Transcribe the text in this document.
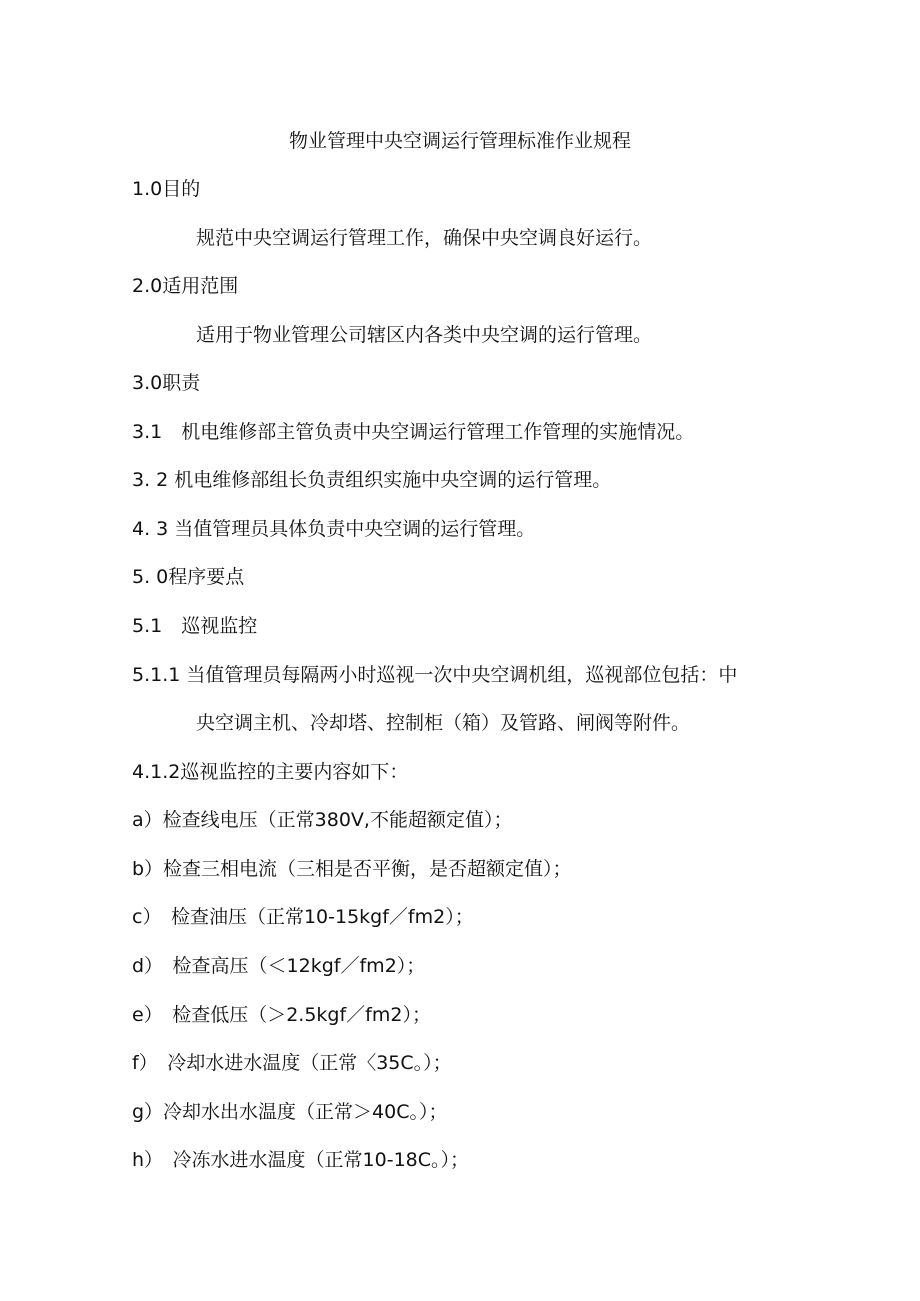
物业管理中央空调运行管理标准作业规程
1.0目的
规范中央空调运行管理工作，确保中央空调良好运行。
2.0适用范围
适用于物业管理公司辖区内各类中央空调的运行管理。
3.0职责
3.1　机电维修部主管负责中央空调运行管理工作管理的实施情况。
3. 2 机电维修部组长负责组织实施中央空调的运行管理。
4. 3 当值管理员具体负责中央空调的运行管理。
5. 0程序要点
5.1　巡视监控
5.1.1 当值管理员每隔两小时巡视一次中央空调机组，巡视部位包括：中
央空调主机、冷却塔、控制柜（箱）及管路、闸阀等附件。
4.1.2巡视监控的主要内容如下：
a）检查线电压（正常380V,不能超额定值）；
b）检查三相电流（三相是否平衡，是否超额定值）；
c）　检查油压（正常10-15kgf／fm2）；
d）　检查高压（＜12kgf／fm2）；
e）　检查低压（＞2.5kgf／fm2）；
f）　冷却水进水温度（正常〈35C。）；
g）冷却水出水温度（正常＞40C。）；
h）　冷冻水进水温度（正常10-18C。）；
